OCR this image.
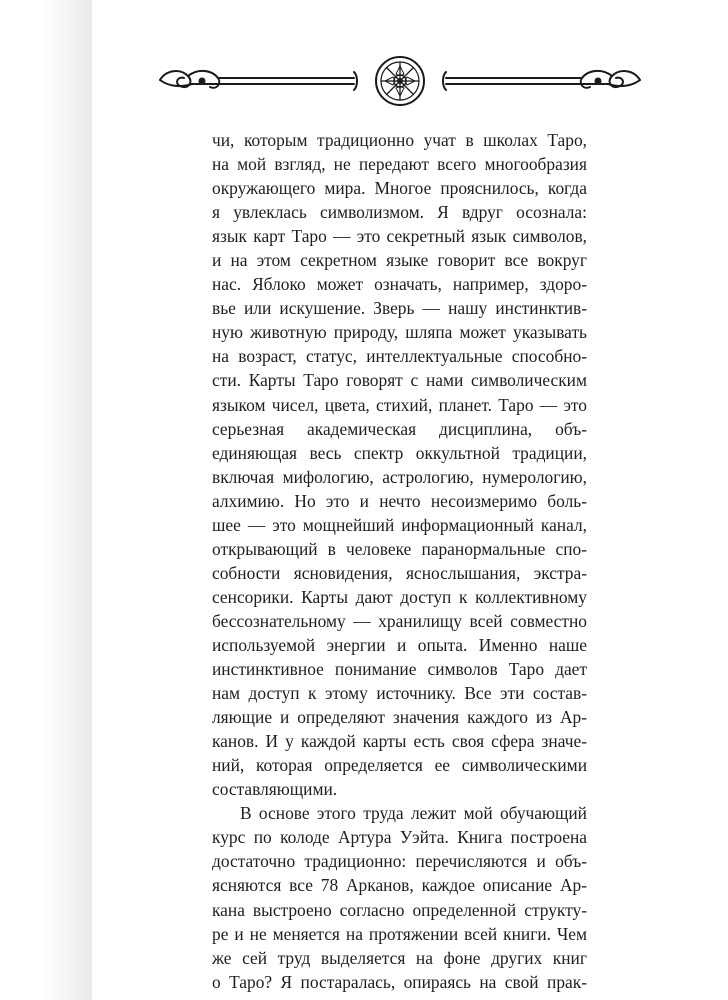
чи, которым традиционно учат в школах Таро,
на мой взгляд, не передают всего многообразия
окружающего мира. Многое прояснилось, когда
я увлеклась символизмом. Я вдруг осознала:
язык карт Таро — это секретный язык символов,
и на этом секретном языке говорит все вокруг
нас. Яблоко может означать, например, здоро-
вье или искушение. Зверь — нашу инстинктив-
ную животную природу, шляпа может указывать
на возраст, статус, интеллектуальные способно-
сти. Карты Таро говорят с нами символическим
языком чисел, цвета, стихий, планет. Таро — это
серьезная академическая дисциплина, объ-
единяющая весь спектр оккультной традиции,
включая мифологию, астрологию, нумерологию,
алхимию. Но это и нечто несоизмеримо боль-
шее — это мощнейший информационный канал,
открывающий в человеке паранормальные спо-
собности ясновидения, яснослышания, экстра-
сенсорики. Карты дают доступ к коллективному
бессознательному — хранилищу всей совместно
используемой энергии и опыта. Именно наше
инстинктивное понимание символов Таро дает
нам доступ к этому источнику. Все эти состав-
ляющие и определяют значения каждого из Ар-
канов. И у каждой карты есть своя сфера значе-
ний, которая определяется ее символическими
составляющими.
В основе этого труда лежит мой обучающий
курс по колоде Артура Уэйта. Книга построена
достаточно традиционно: перечисляются и объ-
ясняются все 78 Арканов, каждое описание Ар-
кана выстроено согласно определенной структу-
ре и не меняется на протяжении всей книги. Чем
же сей труд выделяется на фоне других книг
о Таро? Я постаралась, опираясь на свой прак-
